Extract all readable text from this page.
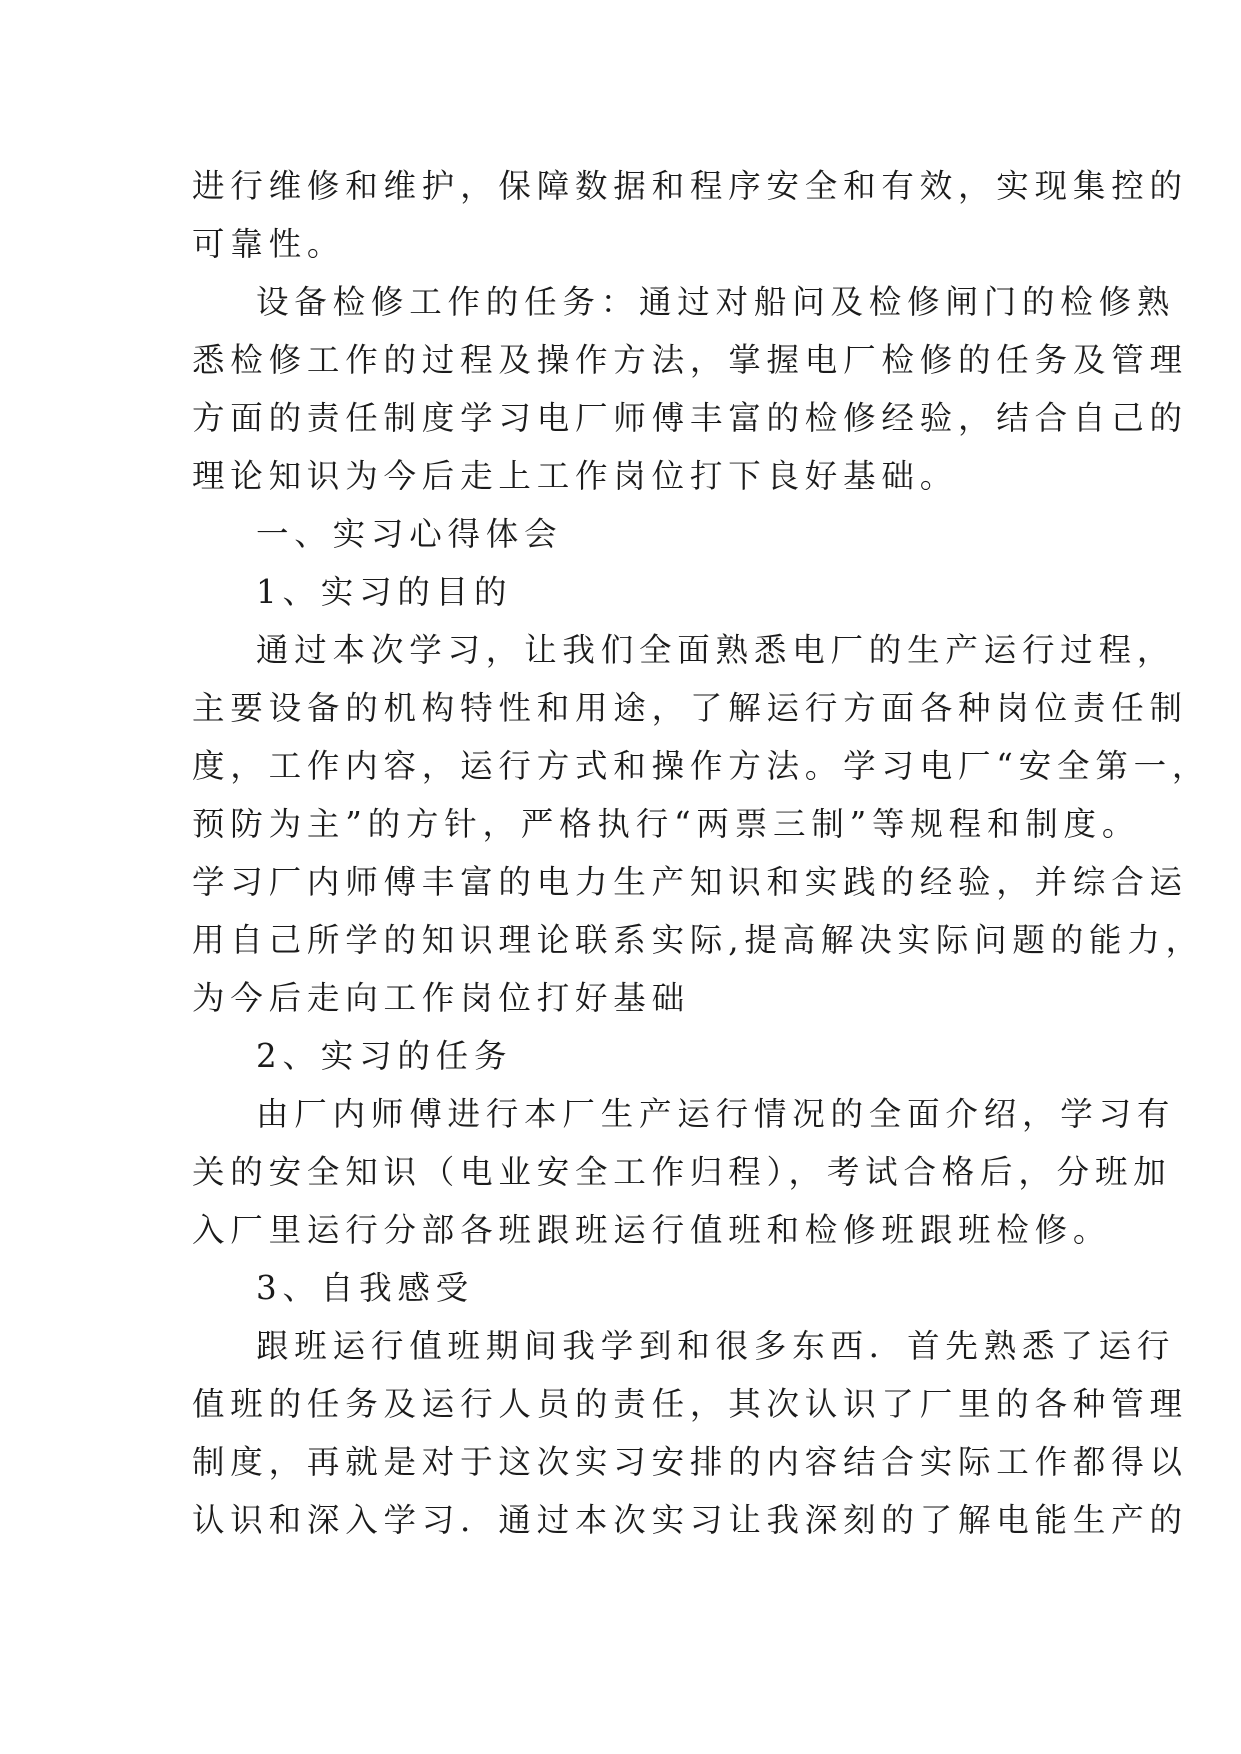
进行维修和维护，保障数据和程序安全和有效，实现集控的
可靠性。
设备检修工作的任务：通过对船问及检修闸门的检修熟
悉检修工作的过程及操作方法，掌握电厂检修的任务及管理
方面的责任制度学习电厂师傅丰富的检修经验，结合自己的
理论知识为今后走上工作岗位打下良好基础。
一、实习心得体会
1、实习的目的
通过本次学习，让我们全面熟悉电厂的生产运行过程，
主要设备的机构特性和用途，了解运行方面各种岗位责任制
度，工作内容，运行方式和操作方法。学习电厂“安全第一，
预防为主”的方针，严格执行“两票三制”等规程和制度。
学习厂内师傅丰富的电力生产知识和实践的经验，并综合运
用自己所学的知识理论联系实际,提高解决实际问题的能力，
为今后走向工作岗位打好基础
2、实习的任务
由厂内师傅进行本厂生产运行情况的全面介绍，学习有
关的安全知识（电业安全工作归程），考试合格后，分班加
入厂里运行分部各班跟班运行值班和检修班跟班检修。
3、自我感受
跟班运行值班期间我学到和很多东西．首先熟悉了运行
值班的任务及运行人员的责任，其次认识了厂里的各种管理
制度，再就是对于这次实习安排的内容结合实际工作都得以
认识和深入学习．通过本次实习让我深刻的了解电能生产的
